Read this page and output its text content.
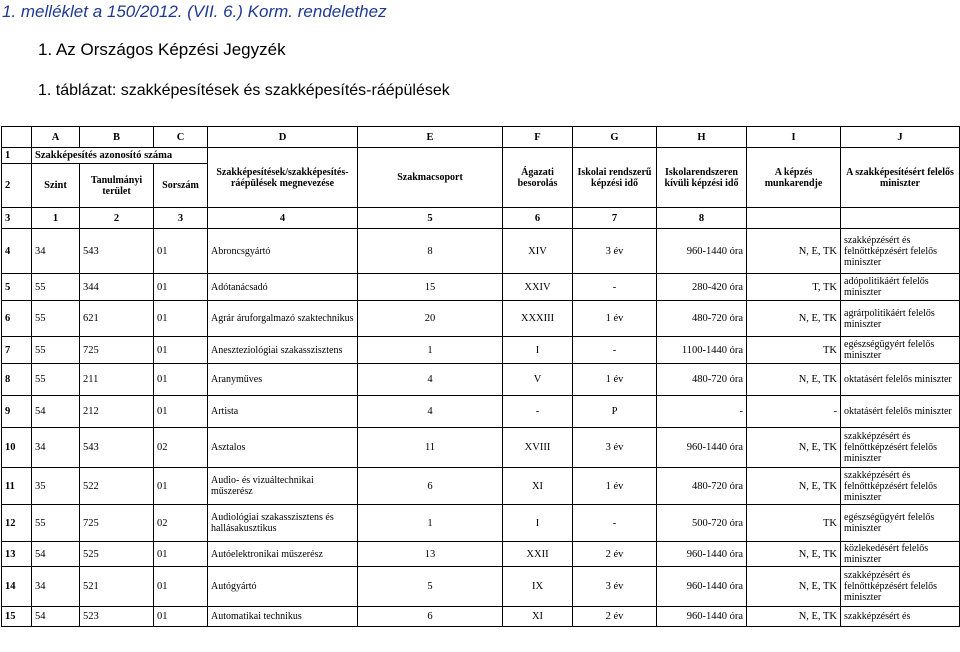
1. melléklet a 150/2012. (VII. 6.) Korm. rendelethez
1. Az Országos Képzési Jegyzék
1. táblázat: szakképesítések és szakképesítés-ráépülések
	A	B	C	D	E	F	G	H	I	J
1	Szakképesítés azonosító száma			Szakképesítések/szakképesítés-ráépülések megnevezése	Szakmacsoport	Ágazati besorolás	Iskolai rendszerű képzési idő	Iskolarendszeren kívüli képzési idő	A képzés munkarendje	A szakképesítésért felelős miniszter
2	Szint	Tanulmányi terület	Sorszám							
3	1	2	3	4	5	6	7	8		
4	34	543	01	Abroncsgyártó	8	XIV	3 év	960-1440 óra	N, E, TK	szakképzésért és felnőttképzésért felelős miniszter
5	55	344	01	Adótanácsadó	15	XXIV	-	280-420 óra	T, TK	adópolitikáért felelős miniszter
6	55	621	01	Agrár áruforgalmazó szaktechnikus	20	XXXIII	1 év	480-720 óra	N, E, TK	agrárpolitikáért felelős miniszter
7	55	725	01	Aneszteziológiai szakasszisztens	1	I	-	1100-1440 óra	TK	egészségügyért felelős miniszter
8	55	211	01	Aranyműves	4	V	1 év	480-720 óra	N, E, TK	oktatásért felelős miniszter
9	54	212	01	Artista	4	-	P	-	-	oktatásért felelős miniszter
10	34	543	02	Asztalos	11	XVIII	3 év	960-1440 óra	N, E, TK	szakképzésért és felnőttképzésért felelős miniszter
11	35	522	01	Audio- és vizuáltechnikai műszerész	6	XI	1 év	480-720 óra	N, E, TK	szakképzésért és felnőttképzésért felelős miniszter
12	55	725	02	Audiológiai szakasszisztens és hallásakusztikus	1	I	-	500-720 óra	TK	egészségügyért felelős miniszter
13	54	525	01	Autóelektronikai műszerész	13	XXII	2 év	960-1440 óra	N, E, TK	közlekedésért felelős miniszter
14	34	521	01	Autógyártó	5	IX	3 év	960-1440 óra	N, E, TK	szakképzésért és felnőttképzésért felelős miniszter
15	54	523	01	Automatikai technikus	6	XI	2 év	960-1440 óra	N, E, TK	szakképzésért és
